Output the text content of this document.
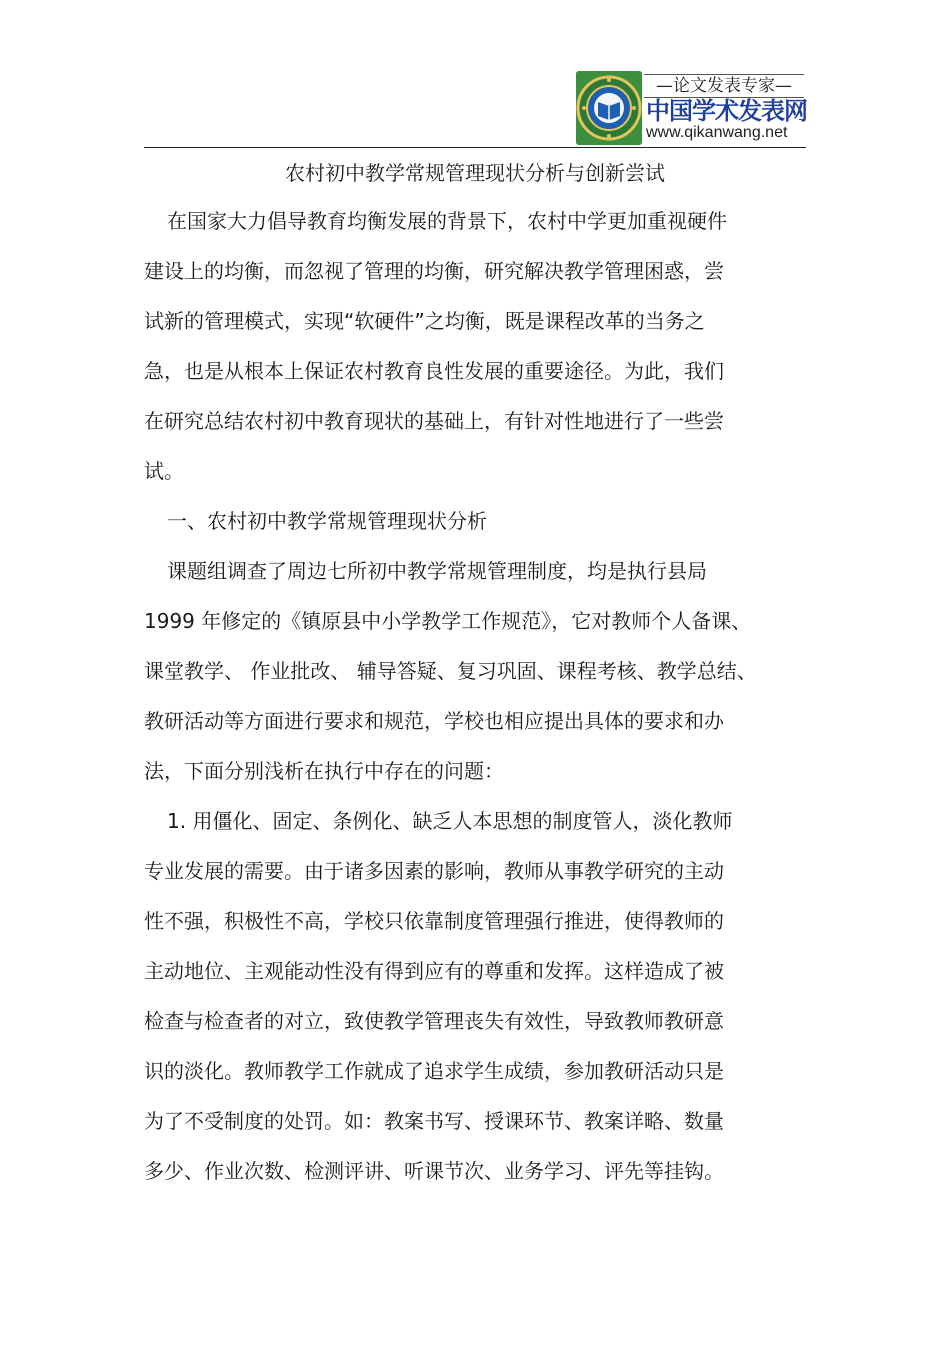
—论文发表专家—
中国学术发表网
www.qikanwang.net
农村初中教学常规管理现状分析与创新尝试
在国家大力倡导教育均衡发展的背景下，农村中学更加重视硬件
建设上的均衡，而忽视了管理的均衡，研究解决教学管理困惑，尝
试新的管理模式，实现“软硬件”之均衡，既是课程改革的当务之
急，也是从根本上保证农村教育良性发展的重要途径。为此，我们
在研究总结农村初中教育现状的基础上，有针对性地进行了一些尝
试。
一、农村初中教学常规管理现状分析
课题组调查了周边七所初中教学常规管理制度，均是执行县局
1999 年修定的《镇原县中小学教学工作规范》，它对教师个人备课、
课堂教学、 作业批改、 辅导答疑、复习巩固、课程考核、教学总结、
教研活动等方面进行要求和规范，学校也相应提出具体的要求和办
法，下面分别浅析在执行中存在的问题：
1. 用僵化、固定、条例化、缺乏人本思想的制度管人，淡化教师
专业发展的需要。由于诸多因素的影响，教师从事教学研究的主动
性不强，积极性不高，学校只依靠制度管理强行推进，使得教师的
主动地位、主观能动性没有得到应有的尊重和发挥。这样造成了被
检查与检查者的对立，致使教学管理丧失有效性，导致教师教研意
识的淡化。教师教学工作就成了追求学生成绩，参加教研活动只是
为了不受制度的处罚。如：教案书写、授课环节、教案详略、数量
多少、作业次数、检测评讲、听课节次、业务学习、评先等挂钩。
